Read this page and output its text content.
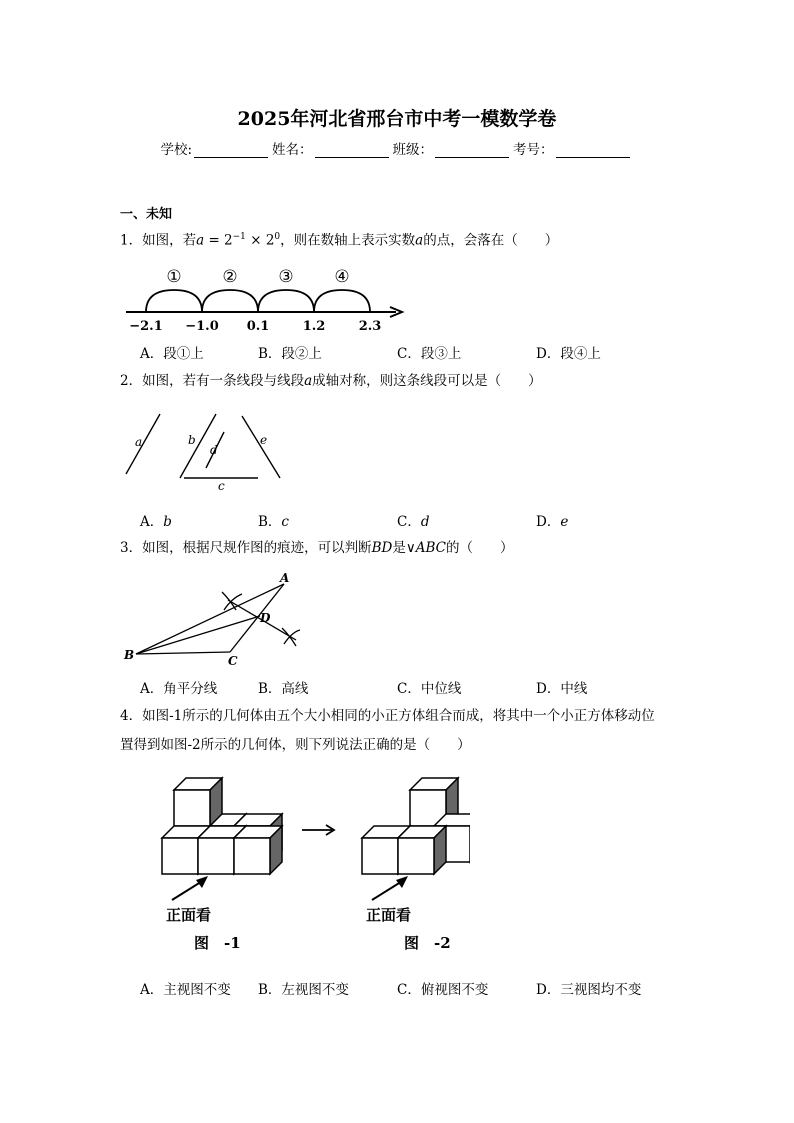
2025年河北省邢台市中考一模数学卷
学校:	姓名：	班级：	考号：
一、未知
1．如图，若$a = 2^{-1} \times 2^0$，则在数轴上表示实数a的点，会落在（　　）
① ② ③ ④
−2.1 −1.0 0.1	1.2	2.3
A．段①上	B．段②上	C．段③上	D．段④上
2．如图，若有一条线段与线段a成轴对称，则这条线段可以是（　　）
a	b
d
e
c
A．b	B．c	C．d	D．e
3．如图，根据尺规作图的痕迹，可以判断BD是∨ABC的（　　）
A
D
B	C
A．角平分线	B．高线	C．中位线	D．中线
4．如图-1所示的几何体由五个大小相同的小正方体组合而成，将其中一个小正方体移动位
置得到如图-2所示的几何体，则下列说法正确的是（　　）
正面看	正面看
图　-1	图　-2
A．主视图不变 B．左视图不变	C．俯视图不变	D．三视图均不变
